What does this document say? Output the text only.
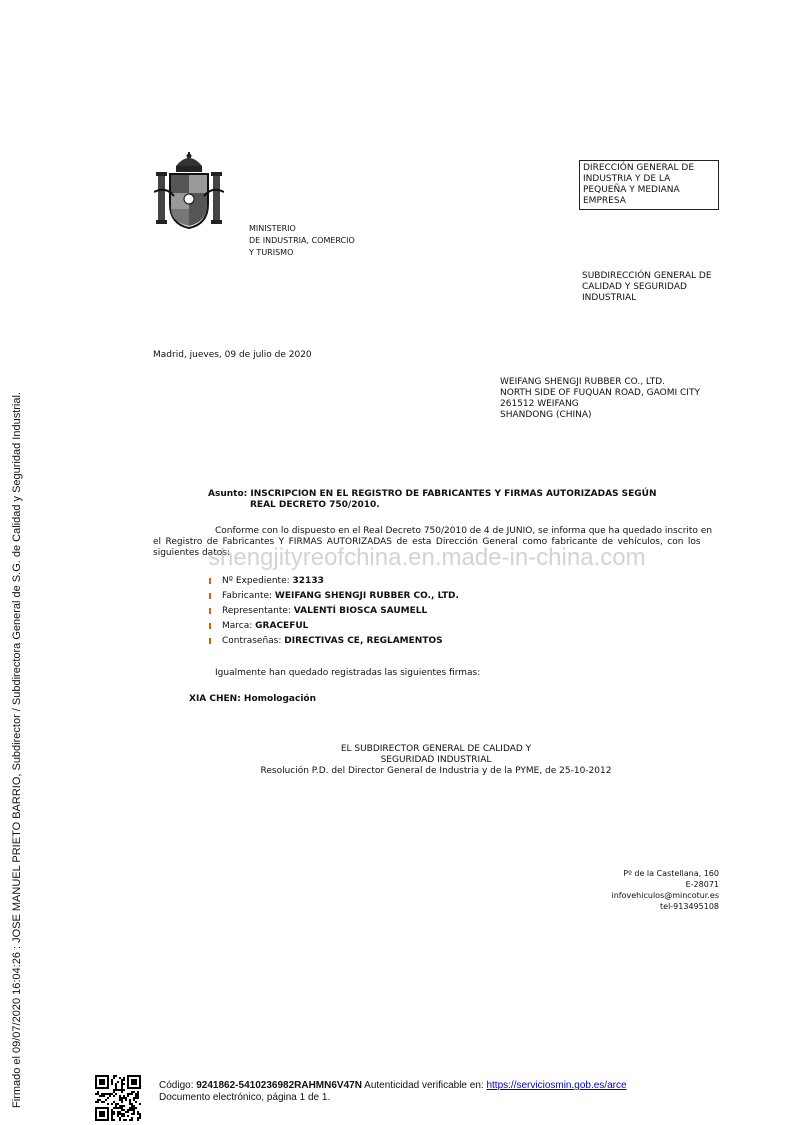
MINISTERIO
DE INDUSTRIA, COMERCIO
Y TURISMO
DIRECCIÓN GENERAL DE
INDUSTRIA Y DE LA
PEQUEÑA Y MEDIANA
EMPRESA
SUBDIRECCIÓN GENERAL DE
CALIDAD Y SEGURIDAD
INDUSTRIAL
Madrid, jueves, 09 de julio de 2020
WEIFANG SHENGJI RUBBER CO., LTD.
NORTH SIDE OF FUQUAN ROAD, GAOMI CITY
261512 WEIFANG
SHANDONG (CHINA)
Asunto: INSCRIPCION EN EL REGISTRO DE FABRICANTES Y FIRMAS AUTORIZADAS SEGÚN
REAL DECRETO 750/2010.
Conforme con lo dispuesto en el Real Decreto 750/2010 de 4 de JUNIO, se informa que ha quedado inscrito en
el Registro de Fabricantes Y FIRMAS AUTORIZADAS de esta Dirección General como fabricante de vehículos, con los
siguientes datos:
shengjityreofchina.en.made-in-china.com
Nº Expediente:
32133
Fabricante:
WEIFANG SHENGJI RUBBER CO., LTD.
Representante:
VALENTÍ BIOSCA SAUMELL
Marca:
GRACEFUL
Contraseñas:
DIRECTIVAS CE, REGLAMENTOS
Igualmente han quedado registradas las siguientes firmas:
XIA CHEN: Homologación
EL SUBDIRECTOR GENERAL DE CALIDAD Y
SEGURIDAD INDUSTRIAL
Resolución P.D. del Director General de Industria y de la PYME, de 25-10-2012
Pº de la Castellana, 160
E-28071
infovehiculos@mincotur.es
tel-913495108
Código: 9241862-5410236982RAHMN6V47N Autenticidad verificable en: https://serviciosmin.gob.es/arce
Documento electrónico, página 1 de 1.
Firmado el 09/07/2020 16:04:26 : JOSE MANUEL PRIETO BARRIO, Subdirector / Subdirectora General de S.G. de Calidad y Seguridad Industrial.
